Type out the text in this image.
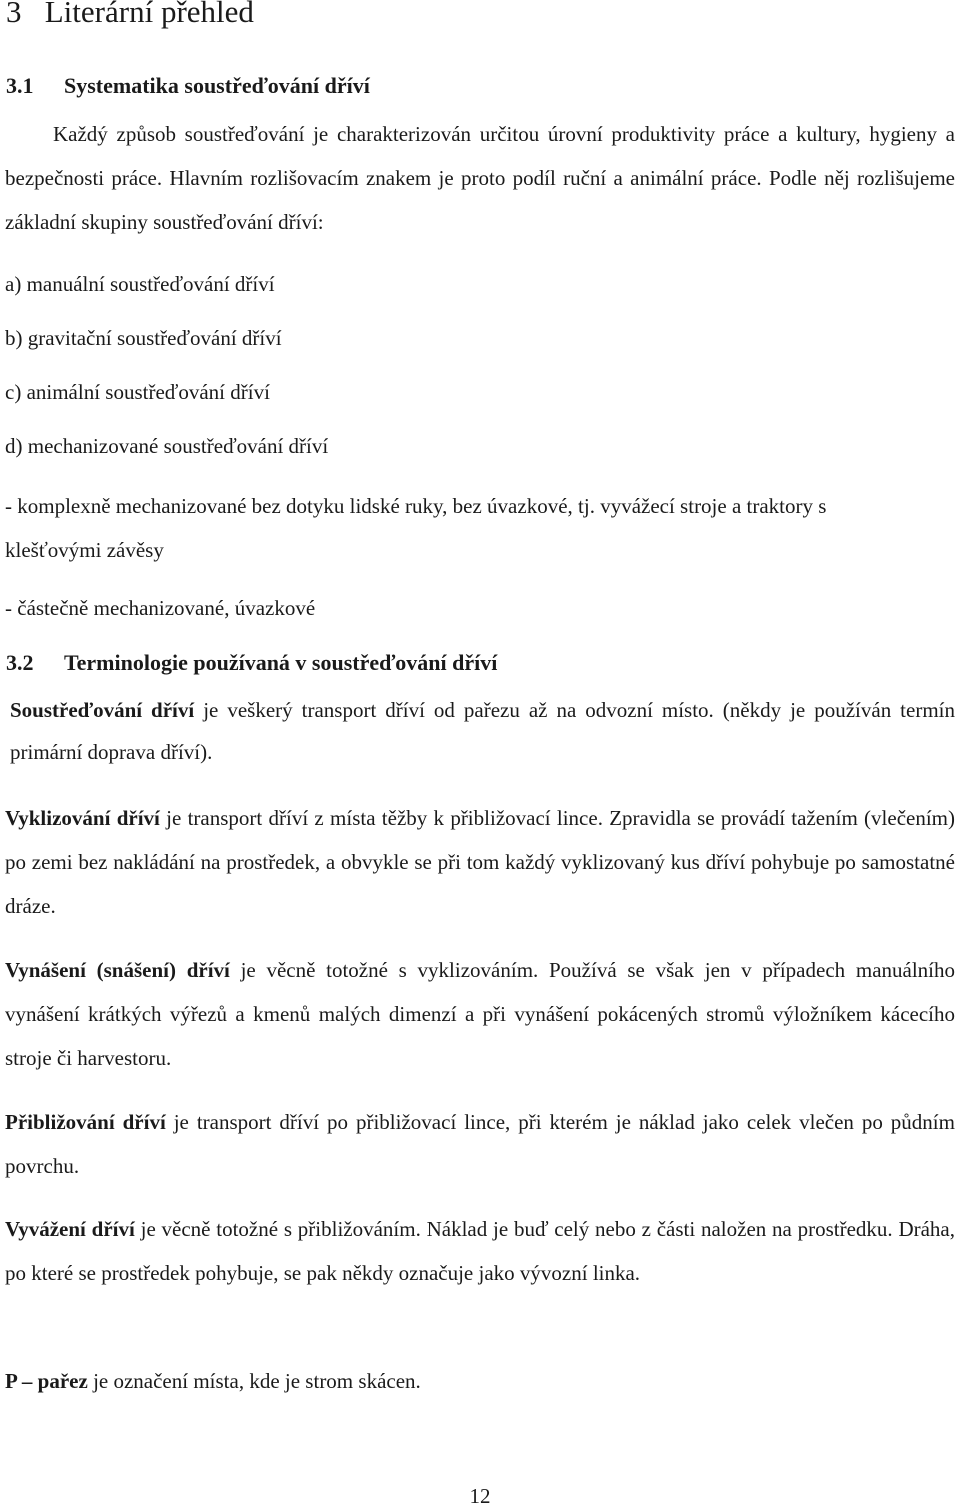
3 Literární přehled
3.1 Systematika soustřeďování dříví

Každý způsob soustřeďování je charakterizován určitou úrovní produktivity práce a kultury, hygieny a bezpečnosti práce. Hlavním rozlišovacím znakem je proto podíl ruční a animální práce. Podle něj rozlišujeme základní skupiny soustřeďování dříví:

a) manuální soustřeďování dříví
b) gravitační soustřeďování dříví
c) animální soustřeďování dříví
d) mechanizované soustřeďování dříví

- komplexně mechanizované bez dotyku lidské ruky, bez úvazkové, tj. vyvážecí stroje a traktory s klešťovými závěsy

- částečně mechanizované, úvazkové
3.2 Terminologie používaná v soustřeďování dříví

Soustřeďování dříví je veškerý transport dříví od pařezu až na odvozní místo. (někdy je používán termín primární doprava dříví).

Vyklizování dříví je transport dříví z místa těžby k přibližovací lince. Zpravidla se provádí tažením (vlečením) po zemi bez nakládání na prostředek, a obvykle se při tom každý vyklizovaný kus dříví pohybuje po samostatné dráze.

Vynášení (snášení) dříví je věcně totožné s vyklizováním. Používá se však jen v případech manuálního vynášení krátkých výřezů a kmenů malých dimenzí a při vynášení pokácených stromů výložníkem kácecího stroje či harvestoru.

Přibližování dříví je transport dříví po přibližovací lince, při kterém je náklad jako celek vlečen po půdním povrchu.

Vyvážení dříví je věcně totožné s přibližováním. Náklad je buď celý nebo z části naložen na prostředku. Dráha, po které se prostředek pohybuje, se pak někdy označuje jako vývozní linka.

P – pařez je označení místa, kde je strom skácen.

12
